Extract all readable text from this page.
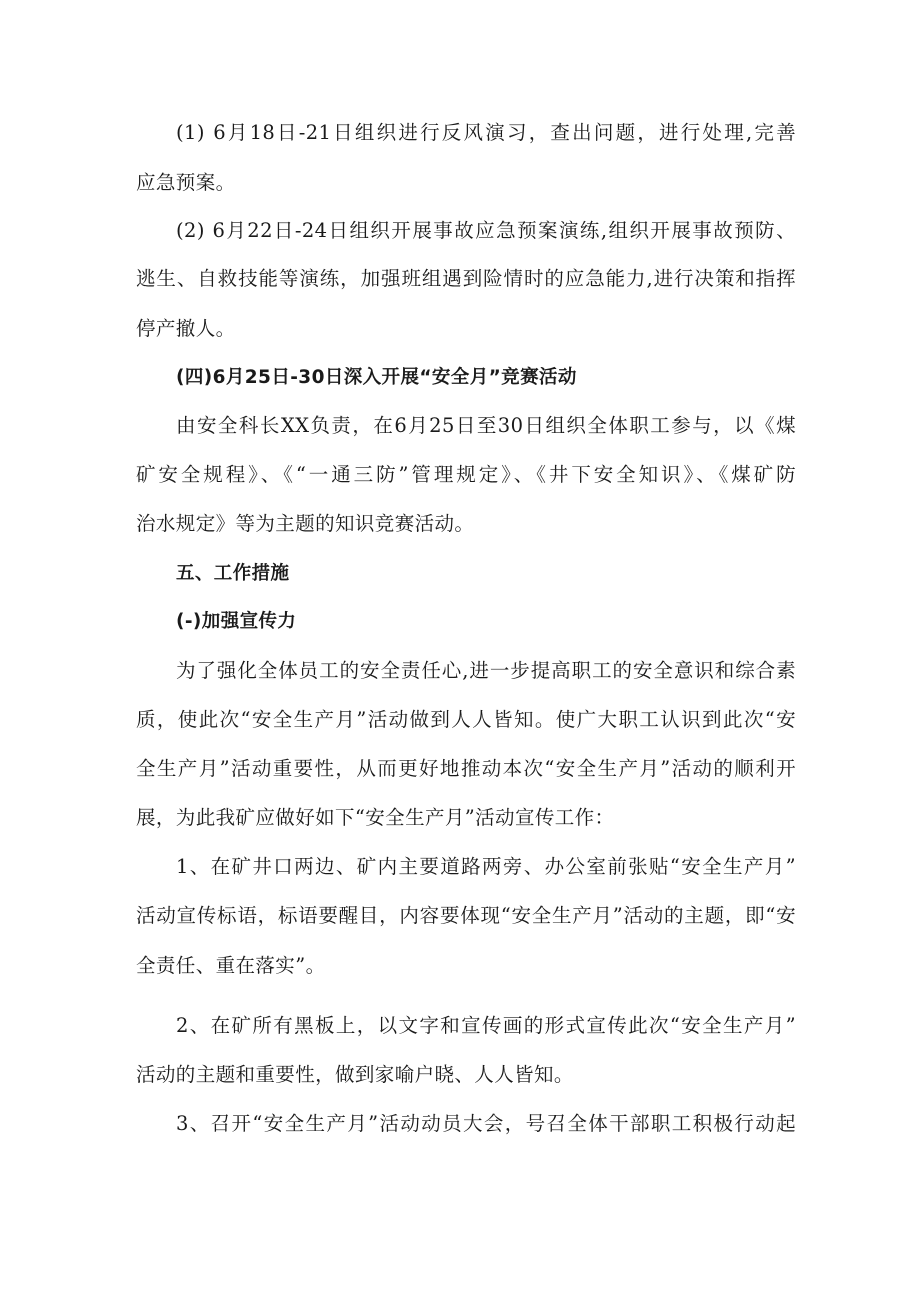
(1) 6月18日-21日组织进行反风演习，查出问题，进行处理,完善
应急预案。
(2) 6月22日-24日组织开展事故应急预案演练,组织开展事故预防、
逃生、自救技能等演练，加强班组遇到险情时的应急能力,进行决策和指挥
停产撤人。
(四)6月25日-30日深入开展“安全月”竞赛活动
由安全科长XX负责，在6月25日至30日组织全体职工参与，以《煤
矿安全规程》、《“一通三防”管理规定》、《井下安全知识》、《煤矿防
治水规定》等为主题的知识竞赛活动。
五、工作措施
(-)加强宣传力
为了强化全体员工的安全责任心,进一步提高职工的安全意识和综合素
质，使此次“安全生产月”活动做到人人皆知。使广大职工认识到此次“安
全生产月”活动重要性，从而更好地推动本次“安全生产月”活动的顺利开
展，为此我矿应做好如下“安全生产月”活动宣传工作：
1、在矿井口两边、矿内主要道路两旁、办公室前张贴“安全生产月”
活动宣传标语，标语要醒目，内容要体现“安全生产月”活动的主题，即“安
全责任、重在落实”。
2、在矿所有黑板上，以文字和宣传画的形式宣传此次“安全生产月”
活动的主题和重要性，做到家喻户晓、人人皆知。
3、召开“安全生产月”活动动员大会，号召全体干部职工积极行动起
